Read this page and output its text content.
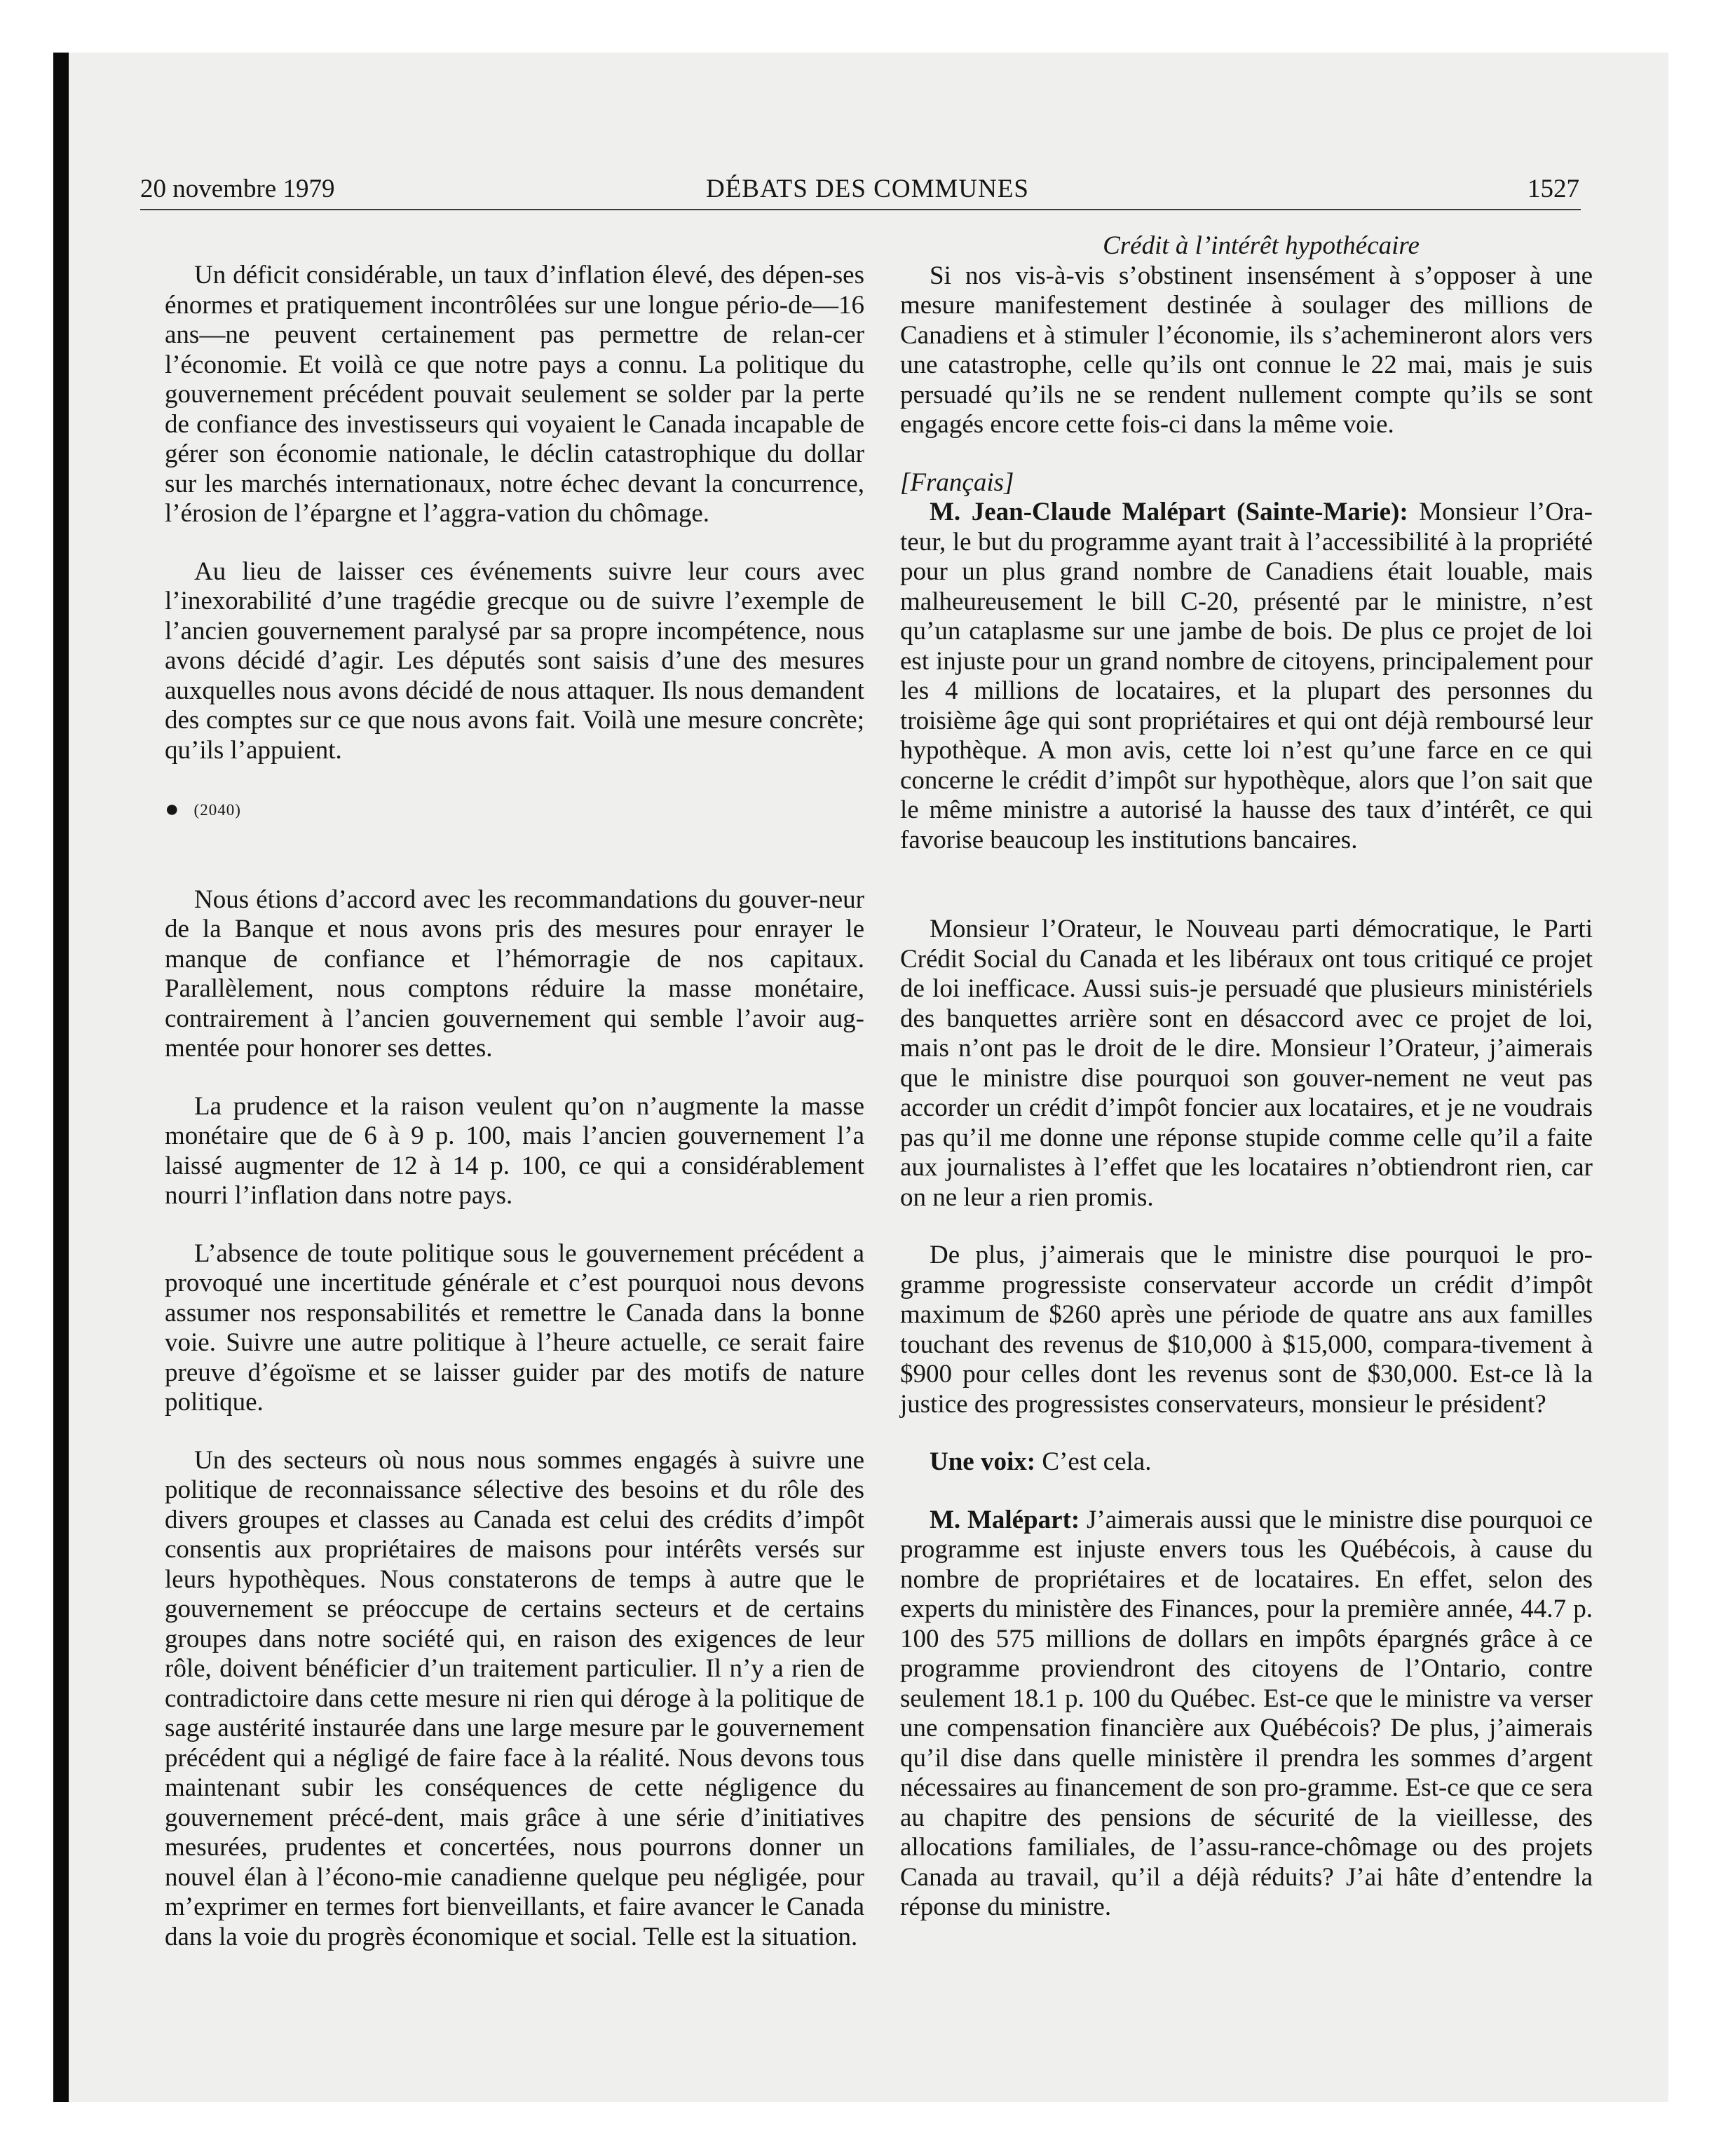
20 novembre 1979	DÉBATS DES COMMUNES	1527

Un déficit considérable, un taux d’inflation élevé, des dépen-ses énormes et pratiquement incontrôlées sur une longue pério-de—16 ans—ne peuvent certainement pas permettre de relan-cer l’économie. Et voilà ce que notre pays a connu. La politique du gouvernement précédent pouvait seulement se solder par la perte de confiance des investisseurs qui voyaient le Canada incapable de gérer son économie nationale, le déclin catastrophique du dollar sur les marchés internationaux, notre échec devant la concurrence, l’érosion de l’épargne et l’aggra-vation du chômage.

Au lieu de laisser ces événements suivre leur cours avec l’inexorabilité d’une tragédie grecque ou de suivre l’exemple de l’ancien gouvernement paralysé par sa propre incompétence, nous avons décidé d’agir. Les députés sont saisis d’une des mesures auxquelles nous avons décidé de nous attaquer. Ils nous demandent des comptes sur ce que nous avons fait. Voilà une mesure concrète; qu’ils l’appuient.

● (2040)

Nous étions d’accord avec les recommandations du gouver-neur de la Banque et nous avons pris des mesures pour enrayer le manque de confiance et l’hémorragie de nos capitaux. Parallèlement, nous comptons réduire la masse monétaire, contrairement à l’ancien gouvernement qui semble l’avoir aug-mentée pour honorer ses dettes.

La prudence et la raison veulent qu’on n’augmente la masse monétaire que de 6 à 9 p. 100, mais l’ancien gouvernement l’a laissé augmenter de 12 à 14 p. 100, ce qui a considérablement nourri l’inflation dans notre pays.

L’absence de toute politique sous le gouvernement précédent a provoqué une incertitude générale et c’est pourquoi nous devons assumer nos responsabilités et remettre le Canada dans la bonne voie. Suivre une autre politique à l’heure actuelle, ce serait faire preuve d’égoïsme et se laisser guider par des motifs de nature politique.

Un des secteurs où nous nous sommes engagés à suivre une politique de reconnaissance sélective des besoins et du rôle des divers groupes et classes au Canada est celui des crédits d’impôt consentis aux propriétaires de maisons pour intérêts versés sur leurs hypothèques. Nous constaterons de temps à autre que le gouvernement se préoccupe de certains secteurs et de certains groupes dans notre société qui, en raison des exigences de leur rôle, doivent bénéficier d’un traitement particulier. Il n’y a rien de contradictoire dans cette mesure ni rien qui déroge à la politique de sage austérité instaurée dans une large mesure par le gouvernement précédent qui a négligé de faire face à la réalité. Nous devons tous maintenant subir les conséquences de cette négligence du gouvernement précé-dent, mais grâce à une série d’initiatives mesurées, prudentes et concertées, nous pourrons donner un nouvel élan à l’écono-mie canadienne quelque peu négligée, pour m’exprimer en termes fort bienveillants, et faire avancer le Canada dans la voie du progrès économique et social. Telle est la situation.

Crédit à l’intérêt hypothécaire

Si nos vis-à-vis s’obstinent insensément à s’opposer à une mesure manifestement destinée à soulager des millions de Canadiens et à stimuler l’économie, ils s’achemineront alors vers une catastrophe, celle qu’ils ont connue le 22 mai, mais je suis persuadé qu’ils ne se rendent nullement compte qu’ils se sont engagés encore cette fois-ci dans la même voie.

[Français]

M. Jean-Claude Malépart (Sainte-Marie): Monsieur l’Ora-teur, le but du programme ayant trait à l’accessibilité à la propriété pour un plus grand nombre de Canadiens était louable, mais malheureusement le bill C-20, présenté par le ministre, n’est qu’un cataplasme sur une jambe de bois. De plus ce projet de loi est injuste pour un grand nombre de citoyens, principalement pour les 4 millions de locataires, et la plupart des personnes du troisième âge qui sont propriétaires et qui ont déjà remboursé leur hypothèque. A mon avis, cette loi n’est qu’une farce en ce qui concerne le crédit d’impôt sur hypothèque, alors que l’on sait que le même ministre a autorisé la hausse des taux d’intérêt, ce qui favorise beaucoup les institutions bancaires.

Monsieur l’Orateur, le Nouveau parti démocratique, le Parti Crédit Social du Canada et les libéraux ont tous critiqué ce projet de loi inefficace. Aussi suis-je persuadé que plusieurs ministériels des banquettes arrière sont en désaccord avec ce projet de loi, mais n’ont pas le droit de le dire. Monsieur l’Orateur, j’aimerais que le ministre dise pourquoi son gouver-nement ne veut pas accorder un crédit d’impôt foncier aux locataires, et je ne voudrais pas qu’il me donne une réponse stupide comme celle qu’il a faite aux journalistes à l’effet que les locataires n’obtiendront rien, car on ne leur a rien promis.

De plus, j’aimerais que le ministre dise pourquoi le pro-gramme progressiste conservateur accorde un crédit d’impôt maximum de $260 après une période de quatre ans aux familles touchant des revenus de $10,000 à $15,000, compara-tivement à $900 pour celles dont les revenus sont de $30,000. Est-ce là la justice des progressistes conservateurs, monsieur le président?

Une voix: C’est cela.

M. Malépart: J’aimerais aussi que le ministre dise pourquoi ce programme est injuste envers tous les Québécois, à cause du nombre de propriétaires et de locataires. En effet, selon des experts du ministère des Finances, pour la première année, 44.7 p. 100 des 575 millions de dollars en impôts épargnés grâce à ce programme proviendront des citoyens de l’Ontario, contre seulement 18.1 p. 100 du Québec. Est-ce que le ministre va verser une compensation financière aux Québécois? De plus, j’aimerais qu’il dise dans quelle ministère il prendra les sommes d’argent nécessaires au financement de son pro-gramme. Est-ce que ce sera au chapitre des pensions de sécurité de la vieillesse, des allocations familiales, de l’assu-rance-chômage ou des projets Canada au travail, qu’il a déjà réduits? J’ai hâte d’entendre la réponse du ministre.
